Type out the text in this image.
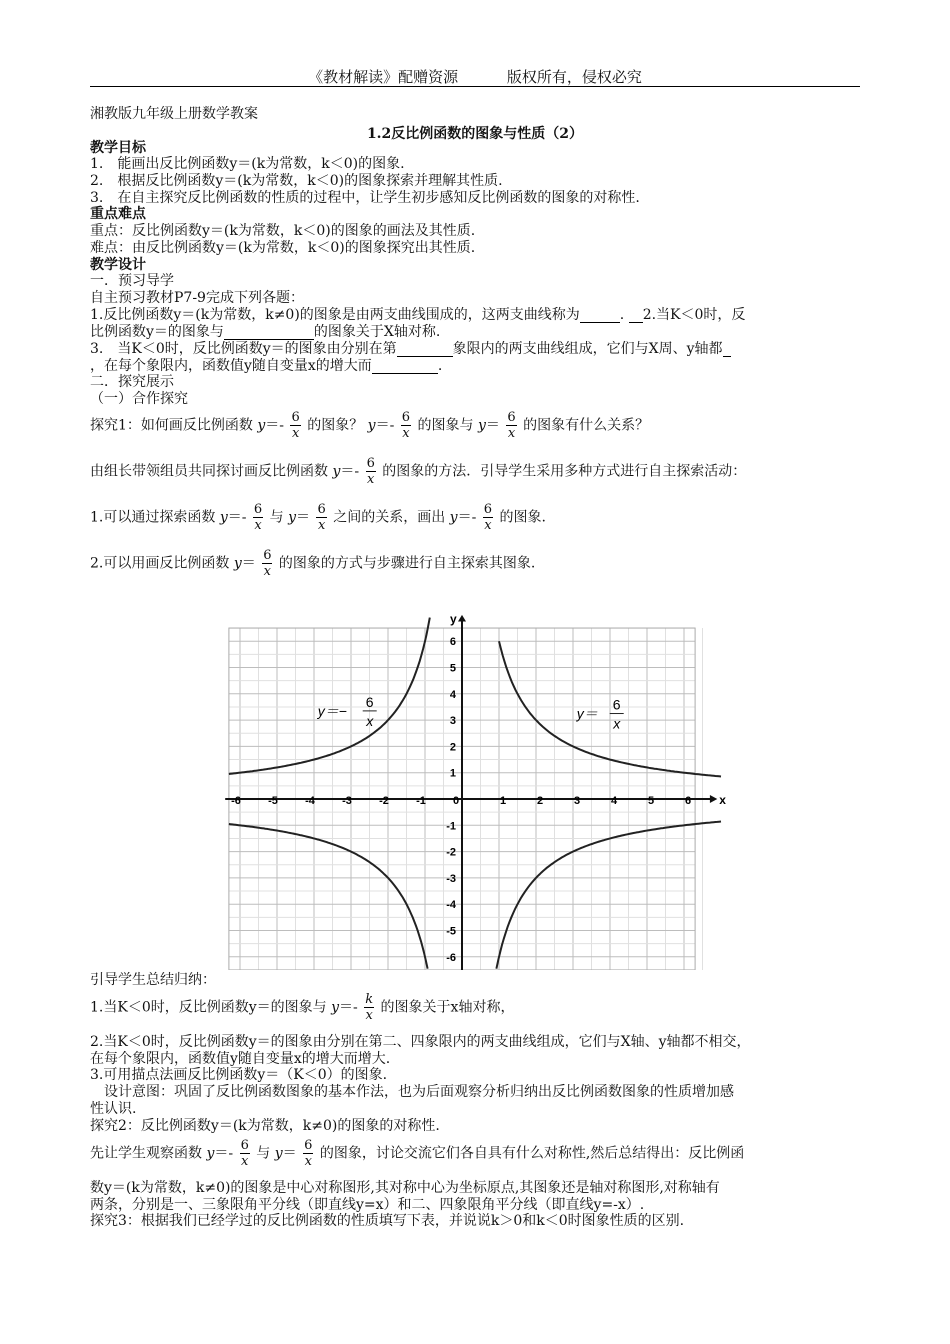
《教材解读》配赠资源	版权所有，侵权必究
湘教版九年级上册数学教案
1.2反比例函数的图象与性质（2）
教学目标
1.　能画出反比例函数y＝(k为常数，k＜0)的图象.
2.　根据反比例函数y＝(k为常数，k＜0)的图象探索并理解其性质.
3.　在自主探究反比例函数的性质的过程中，让学生初步感知反比例函数的图象的对称性.
重点难点
重点：反比例函数y＝(k为常数，k＜0)的图象的画法及其性质.
难点：由反比例函数y＝(k为常数，k＜0)的图象探究出其性质.
教学设计
一．预习导学
自主预习教材P7-9完成下列各题：
1.反比例函数y＝(k为常数，k≠0)的图象是由两支曲线围成的，这两支曲线称为	. 2.当K＜0时，反
比例函数y＝的图象与	的图象关于X轴对称.
3.　当K＜0时，反比例函数y＝的图象由分别在第	象限内的两支曲线组成，它们与X周、y轴都
，在每个象限内，函数值y随自变量x的增大而	.
二．探究展示
（一）合作探究
探究1：如何画反比例函数 $y=- \frac{6}{x}$ 的图象？ $y=- \frac{6}{x}$ 的图象与 $y= \frac{6}{x}$ 的图象有什么关系？
由组长带领组员共同探讨画反比例函数 $y=- \frac{6}{x}$ 的图象的方法．引导学生采用多种方式进行自主探索活动：
1.可以通过探索函数 $y=- \frac{6}{x}$ 与 $y= \frac{6}{x}$ 之间的关系，画出 $y=- \frac{6}{x}$ 的图象.
2.可以用画反比例函数 $y= \frac{6}{x}$ 的图象的方式与步骤进行自主探索其图象.
x
y
-6 -5 -4 -3 -2 -1 0	1	2	3	4	5	6
-6
-5
-4
-3
-2
-1
1
2
3
4
5
6
y＝−
6
x	y＝
6
x
引导学生总结归纳：
1.当K＜0时，反比例函数y＝的图象与 $y=- \frac{k}{x}$ 的图象关于x轴对称，
2.当K＜0时，反比例函数y＝的图象由分别在第二、四象限内的两支曲线组成，它们与X轴、y轴都不相交，
在每个象限内，函数值y随自变量x的增大而增大.
3.可用描点法画反比例函数y＝（K＜0）的图象.
设计意图：巩固了反比例函数图象的基本作法，也为后面观察分析归纳出反比例函数图象的性质增加感
性认识.
探究2：反比例函数y＝(k为常数，k≠0)的图象的对称性.
先让学生观察函数 $y=- \frac{6}{x}$ 与 $y= \frac{6}{x}$ 的图象，讨论交流它们各自具有什么对称性,然后总结得出：反比例函
数y＝(k为常数，k≠0)的图象是中心对称图形,其对称中心为坐标原点,其图象还是轴对称图形,对称轴有
两条，分别是一、三象限角平分线（即直线y=x）和二、四象限角平分线（即直线y=-x）.
探究3：根据我们已经学过的反比例函数的性质填写下表，并说说k＞0和k＜0时图象性质的区别.
